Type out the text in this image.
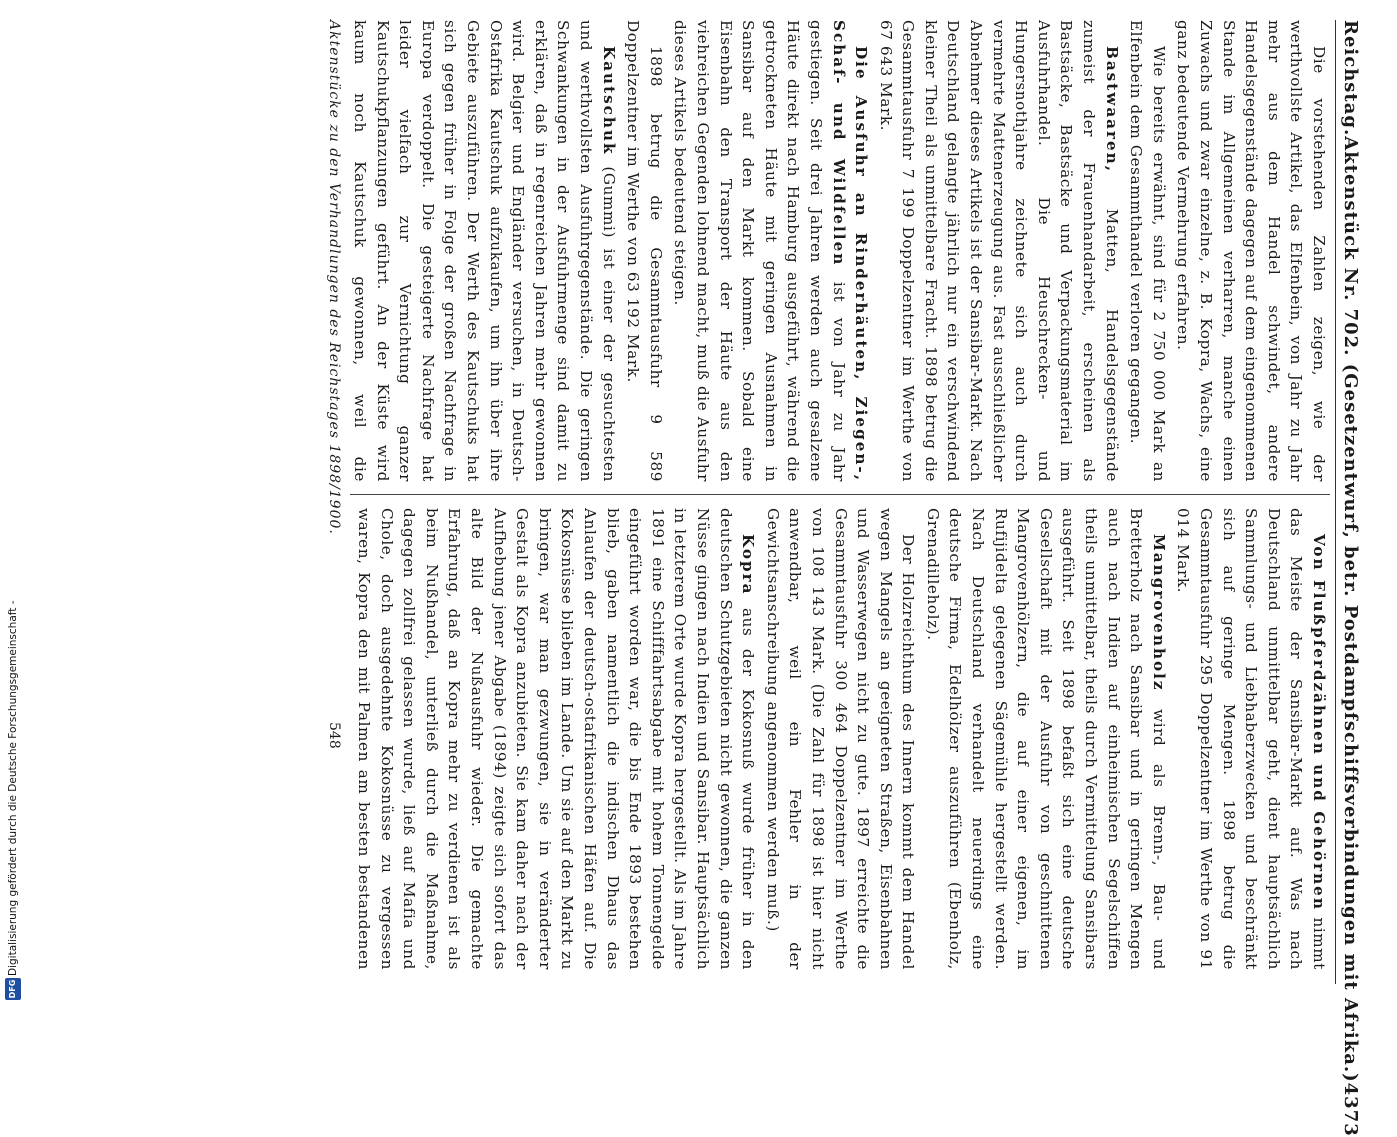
Digitalisierung gefördert durch die Deutsche Forschungsgemeinschaft -
DFG
Reichstag.
Aktenstück Nr. 702. (Gesetzentwurf, betr. Postdampfschiffsverbindungen mit Afrika.)
4373

Die vorstehenden Zahlen zeigen, wie der werthvollste Artikel, das Elfenbein, von Jahr zu Jahr mehr aus dem Handel schwindet, andere Handelsgegenstände dagegen auf dem eingenommenen Stande im Allgemeinen verharren, manche einen Zuwachs und zwar einzelne, z. B. Kopra, Wachs, eine ganz bedeutende Vermehrung erfahren.

Wie bereits erwähnt, sind für 2 750 000 Mark an Elfenbein dem Gesammthandel verloren gegangen.

Bastwaaren, Matten, Handelsgegenstände zumeist der Frauenhandarbeit, erscheinen als Bastsäcke, Bastsäcke und Verpackungsmaterial im Ausfuhrhandel. Die Heuschrecken- und Hungersnothjahre zeichnete sich auch durch vermehrte Mattenerzeugung aus. Fast ausschließlicher Abnehmer dieses Artikels ist der Sansibar-Markt. Nach Deutschland gelangte jährlich nur ein verschwindend kleiner Theil als unmittelbare Fracht. 1898 betrug die Gesammtausfuhr 7 199 Doppelzentner im Werthe von 67 643 Mark.

Die Ausfuhr an Rinderhäuten, Ziegen-, Schaf- und Wildfellen ist von Jahr zu Jahr gestiegen. Seit drei Jahren werden auch gesalzene Häute direkt nach Hamburg ausgeführt, während die getrockneten Häute mit geringen Ausnahmen in Sansibar auf den Markt kommen. Sobald eine Eisenbahn den Transport der Häute aus den viehreichen Gegenden lohnend macht, muß die Ausfuhr dieses Artikels bedeutend steigen.

1898 betrug die Gesammtausfuhr 9 589 Doppelzentner im Werthe von 63 192 Mark.

Kautschuk (Gummi) ist einer der gesuchtesten und werthvollsten Ausfuhrgegenstände. Die geringen Schwankungen in der Ausfuhrmenge sind damit zu erklären, daß in regenreichen Jahren mehr gewonnen wird. Belgier und Engländer versuchen, in Deutsch-Ostafrika Kautschuk aufzukaufen, um ihn über ihre Gebiete auszuführen. Der Werth des Kautschuks hat sich gegen früher in Folge der großen Nachfrage in Europa verdoppelt. Die gesteigerte Nachfrage hat leider vielfach zur Vernichtung ganzer Kautschukpflanzungen geführt. An der Küste wird kaum noch Kautschuk gewonnen, weil die

Von Flußpferdzähnen und Gehörnen nimmt das Meiste der Sansibar-Markt auf. Was nach Deutschland unmittelbar geht, dient hauptsächlich Sammlungs- und Liebhaberzwecken und beschränkt sich auf geringe Mengen. 1898 betrug die Gesammtausfuhr 295 Doppelzentner im Werthe von 91 014 Mark.

Mangrovenholz wird als Brenn-, Bau- und Bretterholz nach Sansibar und in geringen Mengen auch nach Indien auf einheimischen Segelschiffen theils unmittelbar, theils durch Vermittelung Sansibars ausgeführt. Seit 1898 befaßt sich eine deutsche Gesellschaft mit der Ausfuhr von geschnittenen Mangrovenhölzern, die auf einer eigenen, im Rufijidelta gelegenen Sägemühle hergestellt werden. Nach Deutschland verhandelt neuerdings eine deutsche Firma, Edelhölzer auszuführen (Ebenholz, Grenadilleholz).

Der Holzreichthum des Innern kommt dem Handel wegen Mangels an geeigneten Straßen, Eisenbahnen und Wasserwegen nicht zu gute. 1897 erreichte die Gesammtausfuhr 300 464 Doppelzentner im Werthe von 108 143 Mark. (Die Zahl für 1898 ist hier nicht anwendbar, weil ein Fehler in der Gewichtsanschreibung angenommen werden muß.)

Kopra aus der Kokosnuß wurde früher in den deutschen Schutzgebieten nicht gewonnen, die ganzen Nüsse gingen nach Indien und Sansibar. Hauptsächlich in letzterem Orte wurde Kopra hergestellt. Als im Jahre 1891 eine Schifffahrtsabgabe mit hohem Tonnengelde eingeführt worden war, die bis Ende 1893 bestehen blieb, gaben namentlich die indischen Dhaus das Anlaufen der deutsch-ostafrikanischen Häfen auf. Die Kokosnüsse blieben im Lande. Um sie auf den Markt zu bringen, war man gezwungen, sie in veränderter Gestalt als Kopra anzubieten. Sie kam daher nach der Aufhebung jener Abgabe (1894) zeigte sich sofort das alte Bild der Nußausfuhr wieder. Die gemachte Erfahrung, daß an Kopra mehr zu verdienen ist als beim Nußhandel, unterließ durch die Maßnahme, dagegen zollfrei gelassen wurde, ließ auf Mafia und Chole, doch ausgedehnte Kokosnüsse zu vergessen waren, Kopra den mit Palmen am besten bestandenen

Aktenstücke zu den Verhandlungen des Reichstages 1898/1900.
548
